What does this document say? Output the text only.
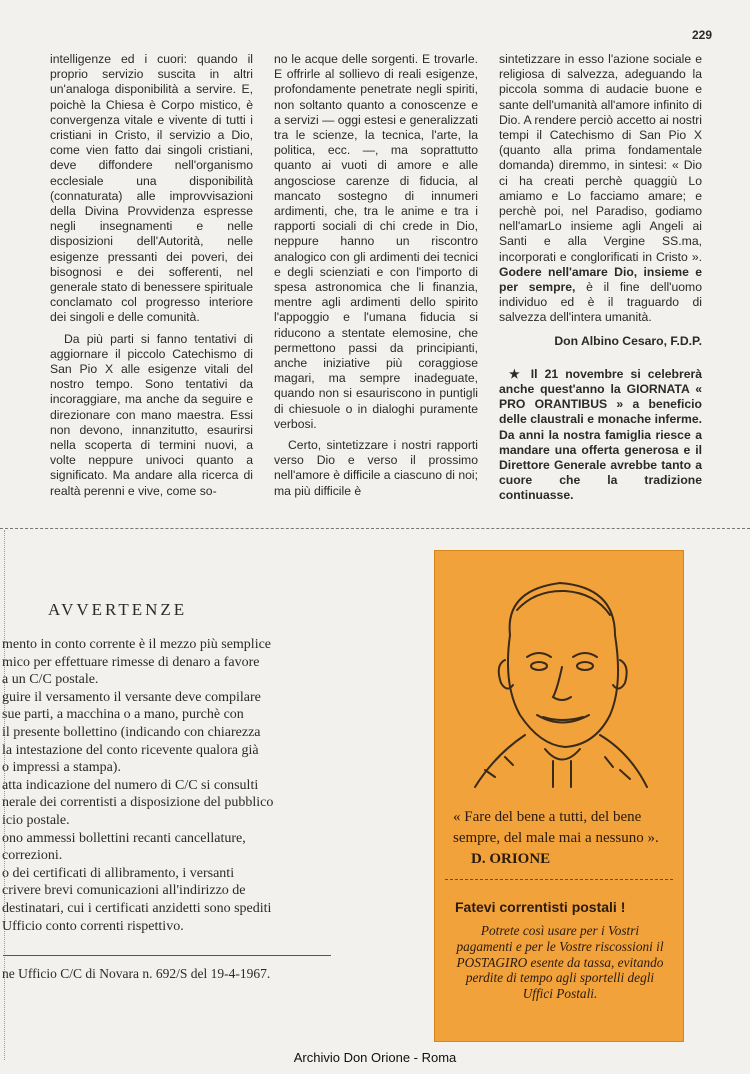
229

intelligenze ed i cuori: quando il proprio servizio suscita in altri un'analoga disponibilità a servire. E, poichè la Chiesa è Corpo mistico, è convergenza vitale e vivente di tutti i cristiani in Cristo, il servizio a Dio, come vien fatto dai singoli cristiani, deve diffondere nell'organismo ecclesiale una disponibilità (connaturata) alle improvvisazioni della Divina Provvidenza espresse negli insegnamenti e nelle disposizioni dell'Autorità, nelle esigenze pressanti dei poveri, dei bisognosi e dei sofferenti, nel generale stato di benessere spirituale conclamato col progresso interiore dei singoli e delle comunità.

Da più parti si fanno tentativi di aggiornare il piccolo Catechismo di San Pio X alle esigenze vitali del nostro tempo. Sono tentativi da incoraggiare, ma anche da seguire e direzionare con mano maestra. Essi non devono, innanzitutto, esaurirsi nella scoperta di termini nuovi, a volte neppure univoci quanto a significato. Ma andare alla ricerca di realtà perenni e vive, come so-

no le acque delle sorgenti. E trovarle. E offrirle al sollievo di reali esigenze, profondamente penetrate negli spiriti, non soltanto quanto a conoscenze e a servizi — oggi estesi e generalizzati tra le scienze, la tecnica, l'arte, la politica, ecc. —, ma soprattutto quanto ai vuoti di amore e alle angosciose carenze di fiducia, al mancato sostegno di innumeri ardimenti, che, tra le anime e tra i rapporti sociali di chi crede in Dio, neppure hanno un riscontro analogico con gli ardimenti dei tecnici e degli scienziati e con l'importo di spesa astronomica che li finanzia, mentre agli ardimenti dello spirito l'appoggio e l'umana fiducia si riducono a stentate elemosine, che permettono passi da principianti, anche iniziative più coraggiose magari, ma sempre inadeguate, quando non si esauriscono in puntigli di chiesuole o in dialoghi puramente verbosi.

Certo, sintetizzare i nostri rapporti verso Dio e verso il prossimo nell'amore è difficile a ciascuno di noi; ma più difficile è

sintetizzare in esso l'azione sociale e religiosa di salvezza, adeguando la piccola somma di audacie buone e sante dell'umanità all'amore infinito di Dio. A rendere perciò accetto ai nostri tempi il Catechismo di San Pio X (quanto alla prima fondamentale domanda) diremmo, in sintesi: « Dio ci ha creati perchè quaggiù Lo amiamo e Lo facciamo amare; e perchè poi, nel Paradiso, godiamo nell'amarLo insieme agli Angeli ai Santi e alla Vergine SS.ma, incorporati e conglorificati in Cristo ». Godere nell'amare Dio, insieme e per sempre, è il fine dell'uomo individuo ed è il traguardo di salvezza dell'intera umanità.

Don Albino Cesaro, F.D.P.

★ Il 21 novembre si celebrerà anche quest'anno la GIORNATA « PRO ORANTIBUS » a beneficio delle claustrali e monache inferme. Da anni la nostra famiglia riesce a mandare una offerta generosa e il Direttore Generale avrebbe tanto a cuore che la tradizione continuasse.

AVVERTENZE

mento in conto corrente è il mezzo più semplice

mico per effettuare rimesse di denaro a favore

a un C/C postale.

guire il versamento il versante deve compilare

sue parti, a macchina o a mano, purchè con

il presente bollettino (indicando con chiarezza

la intestazione del conto ricevente qualora già

o impressi a stampa).

atta indicazione del numero di C/C si consulti

nerale dei correntisti a disposizione del pubblico

icio postale.

ono ammessi bollettini recanti cancellature,

correzioni.

o dei certificati di allibramento, i versanti

crivere brevi comunicazioni all'indirizzo de

destinatari, cui i certificati anzidetti sono spediti

Ufficio conto correnti rispettivo.

ne Ufficio C/C di Novara n. 692/S del 19-4-1967.
« Fare del bene a tutti, del bene sempre, del male mai a nessuno ». D. ORIONE
Fatevi correntisti postali !
Potrete così usare per i Vostri pagamenti e per le Vostre riscossioni il POSTAGIRO esente da tassa, evitando perdite di tempo agli sportelli degli Uffici Postali.
Archivio Don Orione - Roma
